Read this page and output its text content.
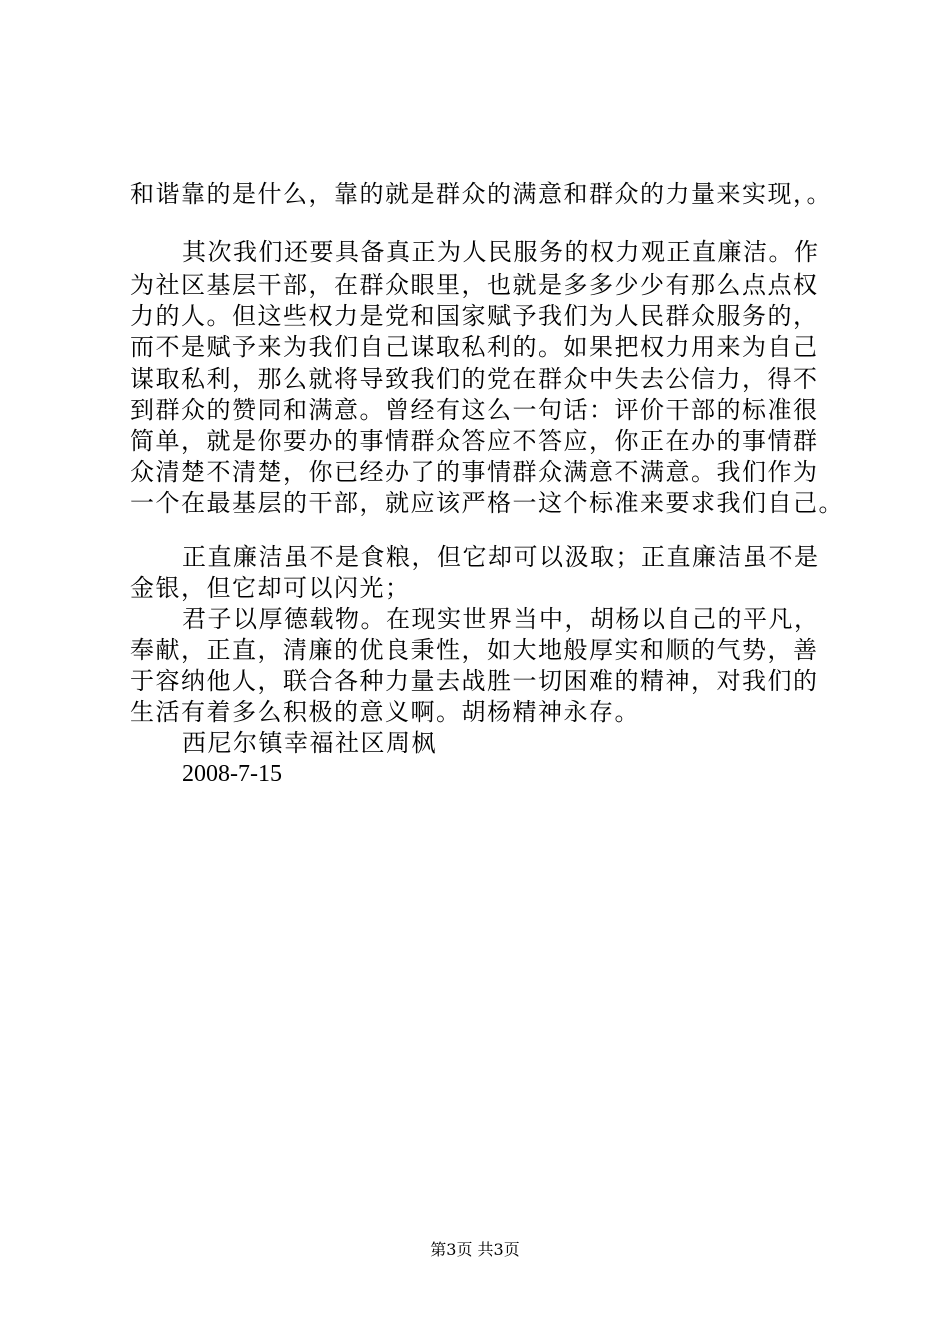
和谐靠的是什么，靠的就是群众的满意和群众的力量来实现，。
其次我们还要具备真正为人民服务的权力观正直廉洁。作
为社区基层干部，在群众眼里，也就是多多少少有那么点点权
力的人。但这些权力是党和国家赋予我们为人民群众服务的，
而不是赋予来为我们自己谋取私利的。如果把权力用来为自己
谋取私利，那么就将导致我们的党在群众中失去公信力，得不
到群众的赞同和满意。曾经有这么一句话：评价干部的标准很
简单，就是你要办的事情群众答应不答应，你正在办的事情群
众清楚不清楚，你已经办了的事情群众满意不满意。我们作为
一个在最基层的干部，就应该严格一这个标准来要求我们自己。
正直廉洁虽不是食粮，但它却可以汲取；正直廉洁虽不是
金银，但它却可以闪光；
君子以厚德载物。在现实世界当中，胡杨以自己的平凡，
奉献，正直，清廉的优良秉性，如大地般厚实和顺的气势，善
于容纳他人，联合各种力量去战胜一切困难的精神，对我们的
生活有着多么积极的意义啊。胡杨精神永存。
西尼尔镇幸福社区周枫
2008-7-15
第3页 共3页
